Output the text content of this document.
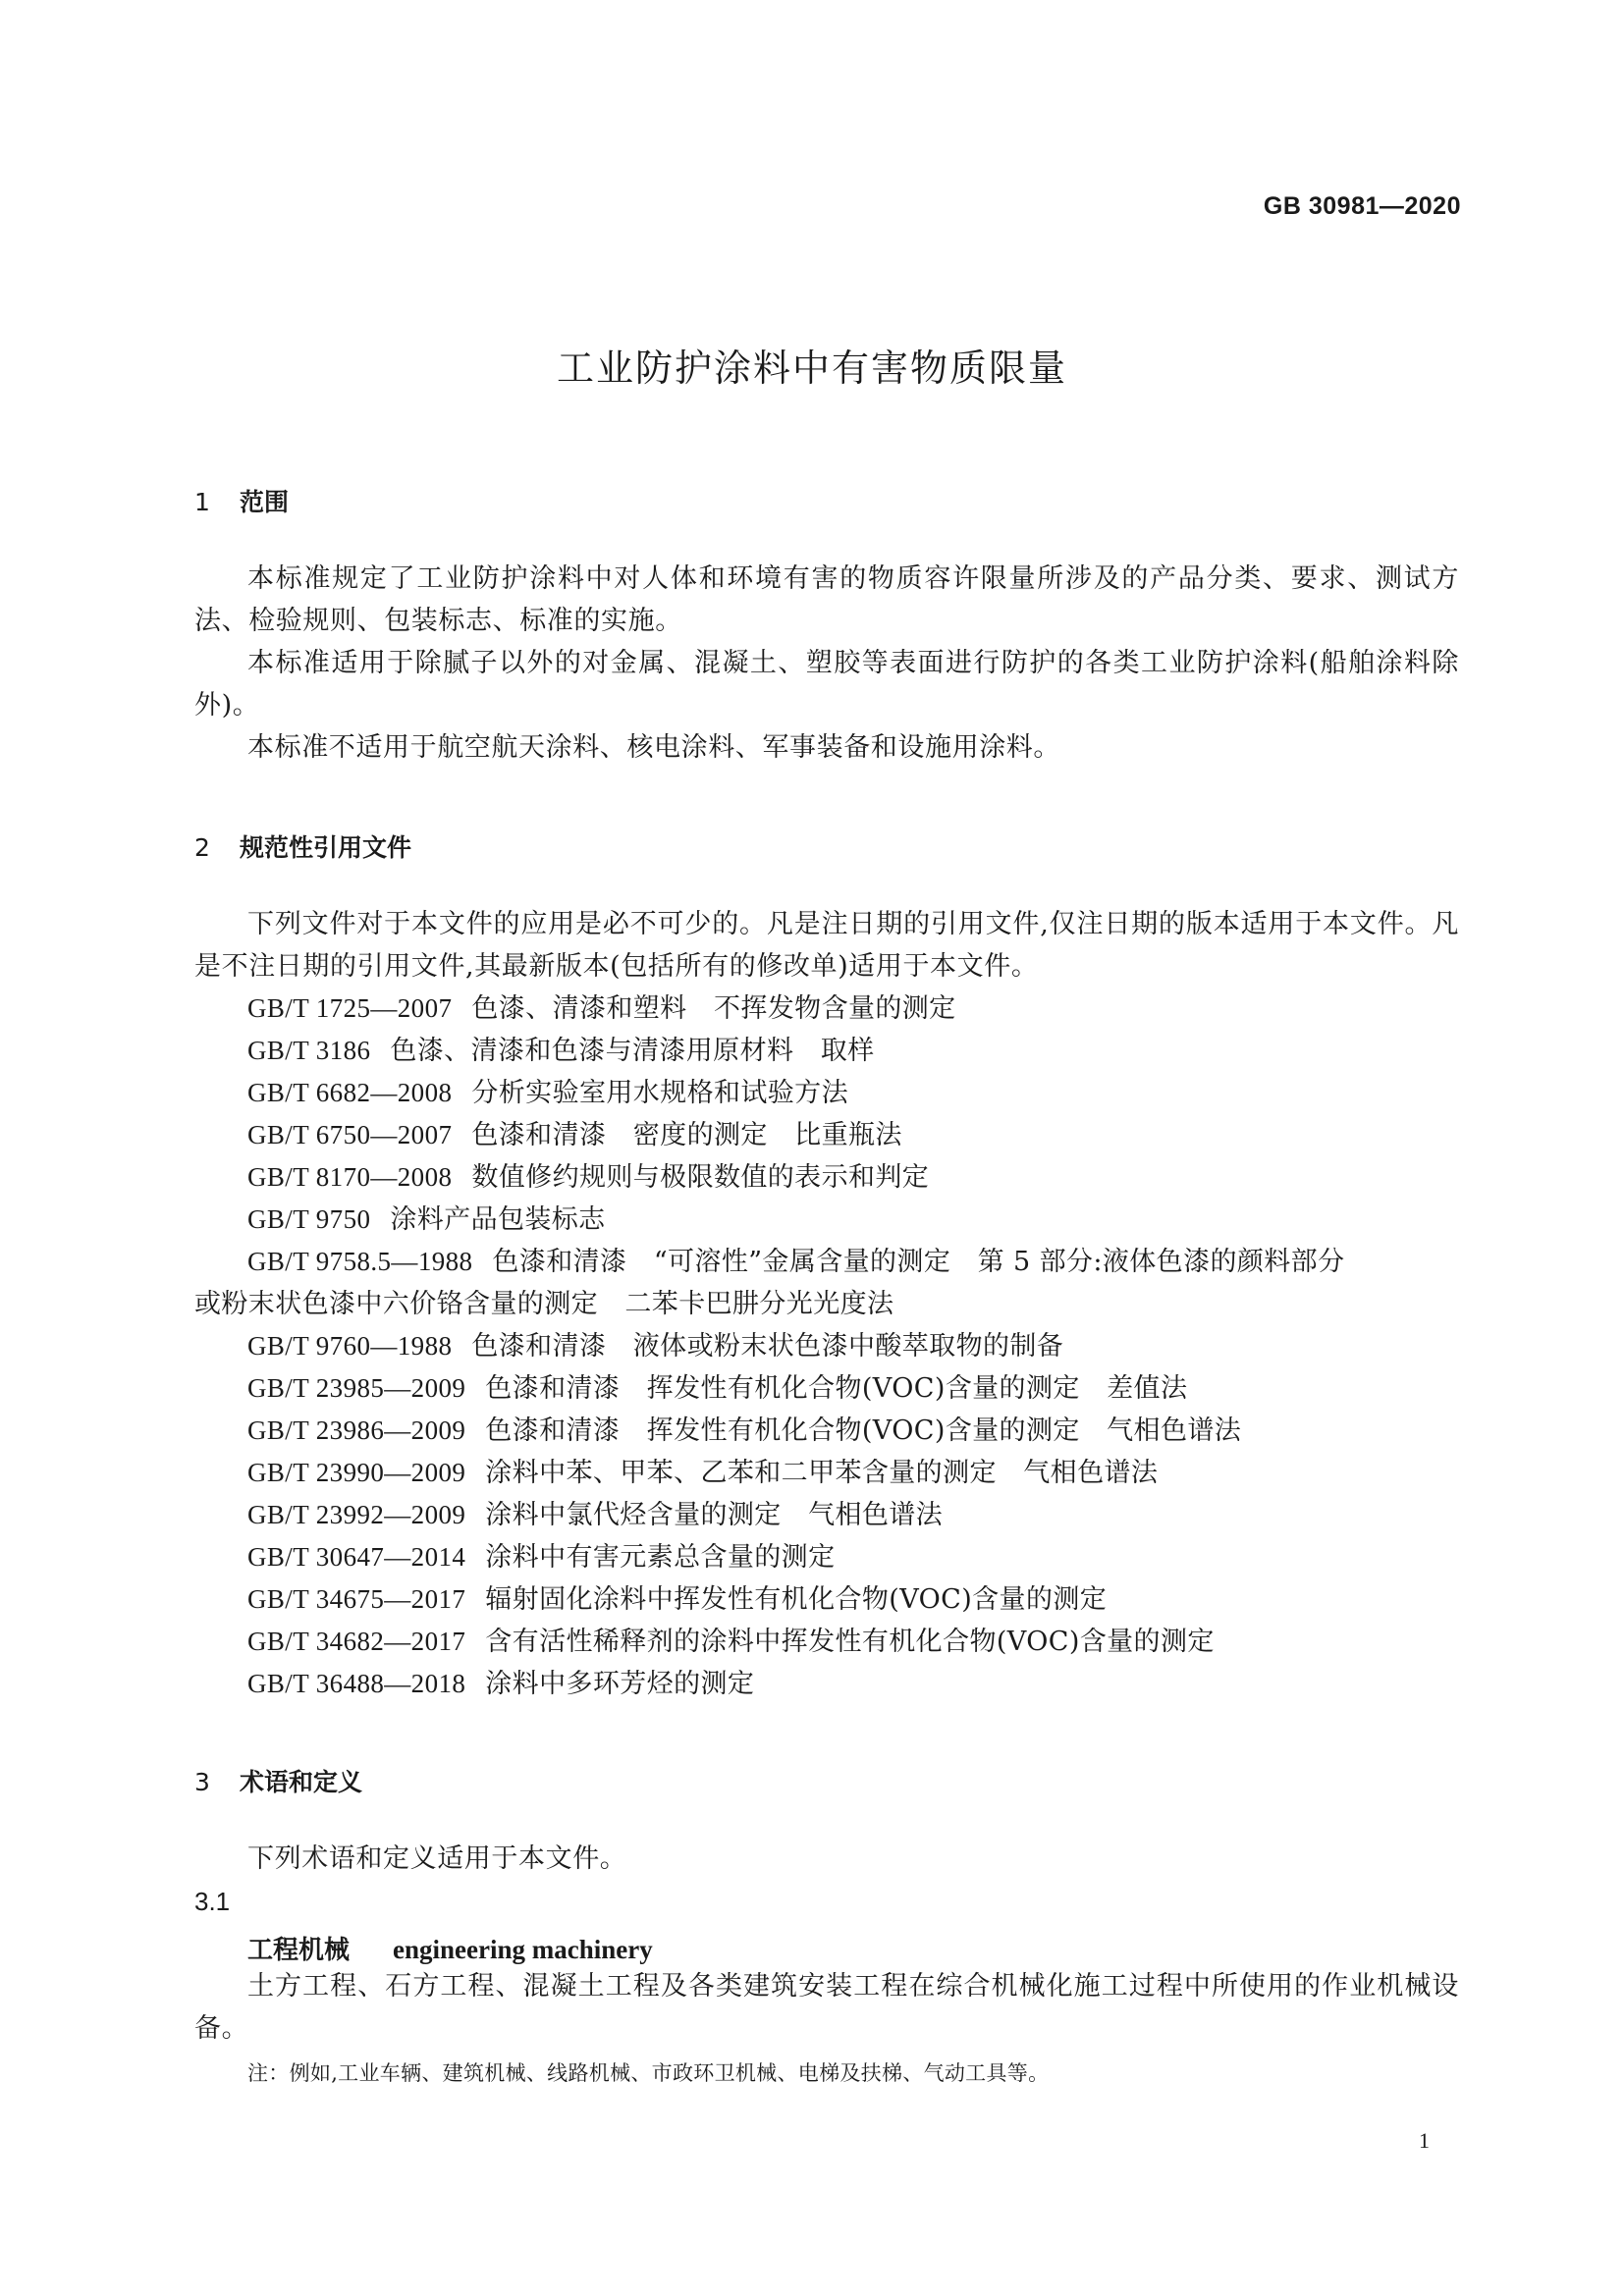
GB 30981—2020
工业防护涂料中有害物质限量
1 范围
本标准规定了工业防护涂料中对人体和环境有害的物质容许限量所涉及的产品分类、要求、测试方法、检验规则、包装标志、标准的实施。
本标准适用于除腻子以外的对金属、混凝土、塑胶等表面进行防护的各类工业防护涂料(船舶涂料除外)。
本标准不适用于航空航天涂料、核电涂料、军事装备和设施用涂料。
2 规范性引用文件
下列文件对于本文件的应用是必不可少的。凡是注日期的引用文件,仅注日期的版本适用于本文件。凡是不注日期的引用文件,其最新版本(包括所有的修改单)适用于本文件。
GB/T 1725—2007 色漆、清漆和塑料　不挥发物含量的测定
GB/T 3186 色漆、清漆和色漆与清漆用原材料　取样
GB/T 6682—2008 分析实验室用水规格和试验方法
GB/T 6750—2007 色漆和清漆　密度的测定　比重瓶法
GB/T 8170—2008 数值修约规则与极限数值的表示和判定
GB/T 9750 涂料产品包装标志
GB/T 9758.5—1988 色漆和清漆　“可溶性”金属含量的测定　第 5 部分:液体色漆的颜料部分
或粉末状色漆中六价铬含量的测定　二苯卡巴肼分光光度法
GB/T 9760—1988 色漆和清漆　液体或粉末状色漆中酸萃取物的制备
GB/T 23985—2009 色漆和清漆　挥发性有机化合物(VOC)含量的测定　差值法
GB/T 23986—2009 色漆和清漆　挥发性有机化合物(VOC)含量的测定　气相色谱法
GB/T 23990—2009 涂料中苯、甲苯、乙苯和二甲苯含量的测定　气相色谱法
GB/T 23992—2009 涂料中氯代烃含量的测定　气相色谱法
GB/T 30647—2014 涂料中有害元素总含量的测定
GB/T 34675—2017 辐射固化涂料中挥发性有机化合物(VOC)含量的测定
GB/T 34682—2017 含有活性稀释剂的涂料中挥发性有机化合物(VOC)含量的测定
GB/T 36488—2018 涂料中多环芳烃的测定
3 术语和定义
下列术语和定义适用于本文件。
3.1
工程机械 engineering machinery
土方工程、石方工程、混凝土工程及各类建筑安装工程在综合机械化施工过程中所使用的作业机械设备。
注：例如,工业车辆、建筑机械、线路机械、市政环卫机械、电梯及扶梯、气动工具等。
1
